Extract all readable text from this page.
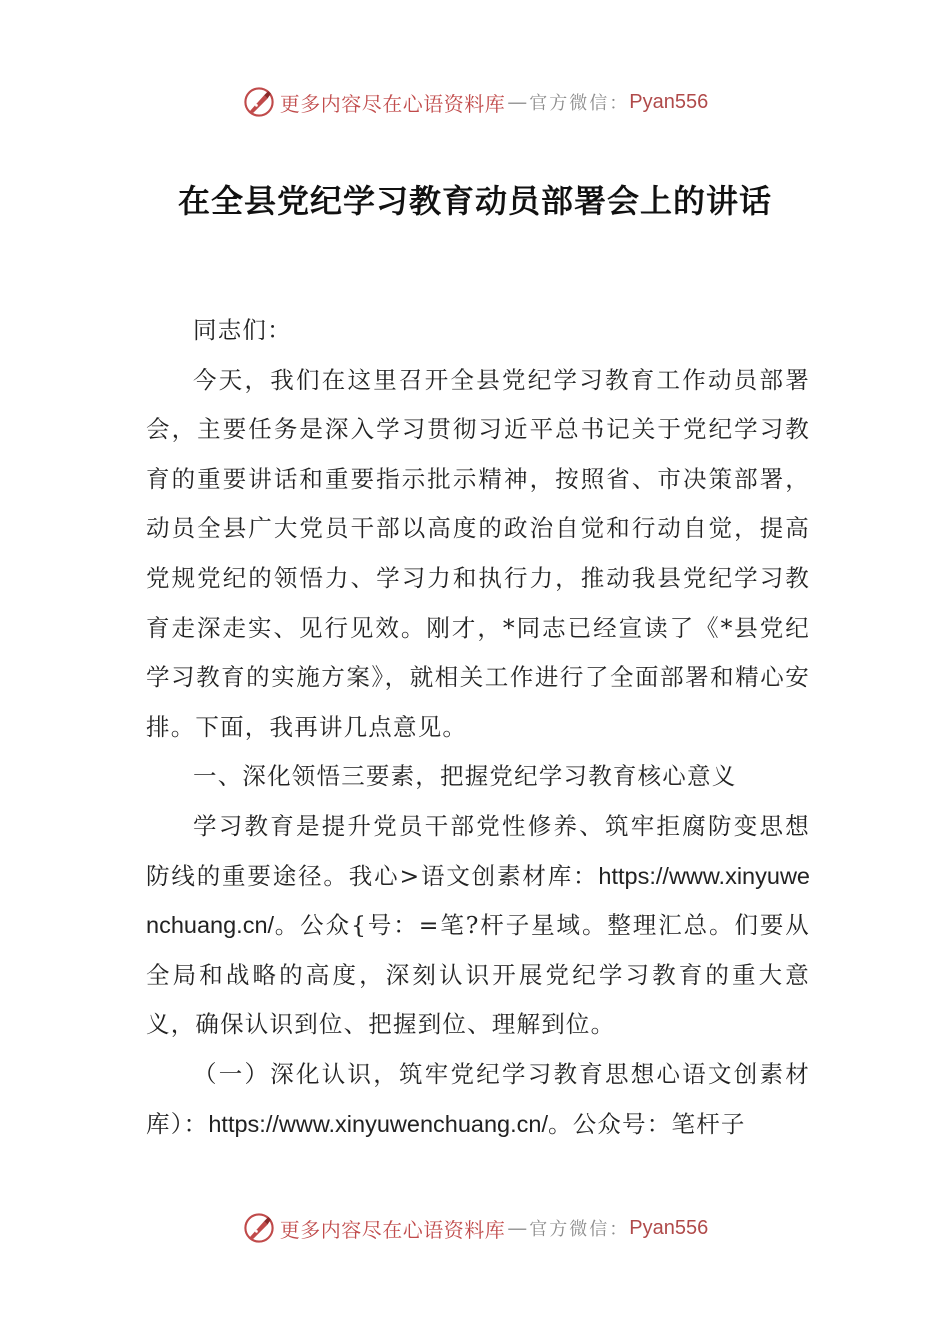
更多内容尽在心语资料库 — 官方微信： Pyan556
在全县党纪学习教育动员部署会上的讲话

同志们：

今天，我们在这里召开全县党纪学习教育工作动员部署会，主要任务是深入学习贯彻习近平总书记关于党纪学习教育的重要讲话和重要指示批示精神，按照省、市决策部署，动员全县广大党员干部以高度的政治自觉和行动自觉，提高党规党纪的领悟力、学习力和执行力，推动我县党纪学习教育走深走实、见行见效。刚才，*同志已经宣读了《*县党纪学习教育的实施方案》，就相关工作进行了全面部署和精心安排。下面，我再讲几点意见。

一、深化领悟三要素，把握党纪学习教育核心意义

学习教育是提升党员干部党性修养、筑牢拒腐防变思想防线的重要途径。我心>语文创素材库：https://www.xinyuwenchuang.cn/。公众{号：=笔?杆子星域。整理汇总。们要从全局和战略的高度，深刻认识开展党纪学习教育的重大意义，确保认识到位、把握到位、理解到位。

（一）深化认识，筑牢党纪学习教育思想心语文创素材库）：https://www.xinyuwenchuang.cn/。公众号：笔杆子

更多内容尽在心语资料库 — 官方微信： Pyan556
